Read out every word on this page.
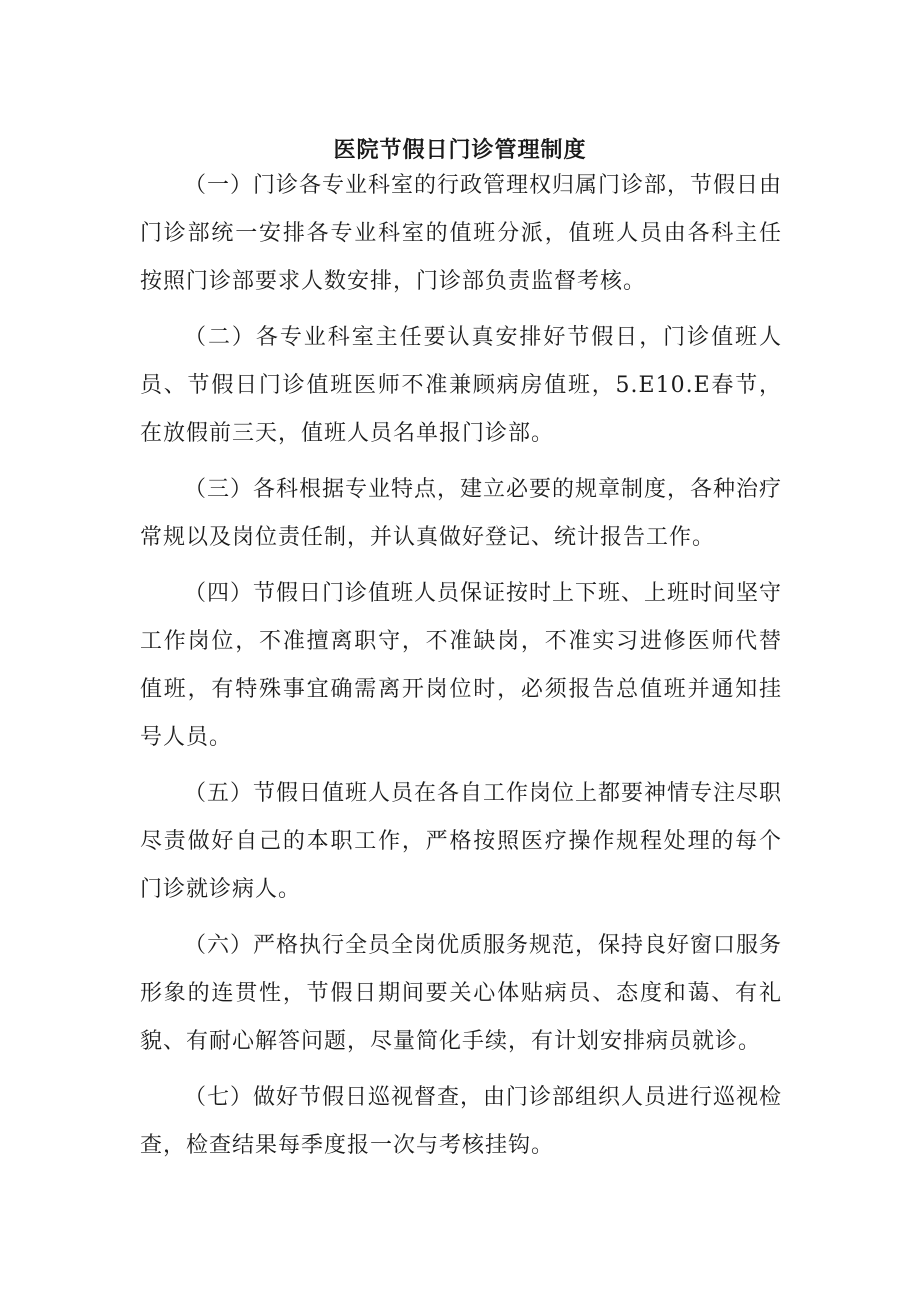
医院节假日门诊管理制度

（一）门诊各专业科室的行政管理权归属门诊部，节假日由门诊部统一安排各专业科室的值班分派，值班人员由各科主任按照门诊部要求人数安排，门诊部负责监督考核。

（二）各专业科室主任要认真安排好节假日，门诊值班人员、节假日门诊值班医师不准兼顾病房值班，5.E10.E春节，在放假前三天，值班人员名单报门诊部。

（三）各科根据专业特点，建立必要的规章制度，各种治疗常规以及岗位责任制，并认真做好登记、统计报告工作。

（四）节假日门诊值班人员保证按时上下班、上班时间坚守工作岗位，不准擅离职守，不准缺岗，不准实习进修医师代替值班，有特殊事宜确需离开岗位时，必须报告总值班并通知挂号人员。

（五）节假日值班人员在各自工作岗位上都要神情专注尽职尽责做好自己的本职工作，严格按照医疗操作规程处理的每个门诊就诊病人。

（六）严格执行全员全岗优质服务规范，保持良好窗口服务形象的连贯性，节假日期间要关心体贴病员、态度和蔼、有礼貌、有耐心解答问题，尽量简化手续，有计划安排病员就诊。

（七）做好节假日巡视督查，由门诊部组织人员进行巡视检查，检查结果每季度报一次与考核挂钩。
